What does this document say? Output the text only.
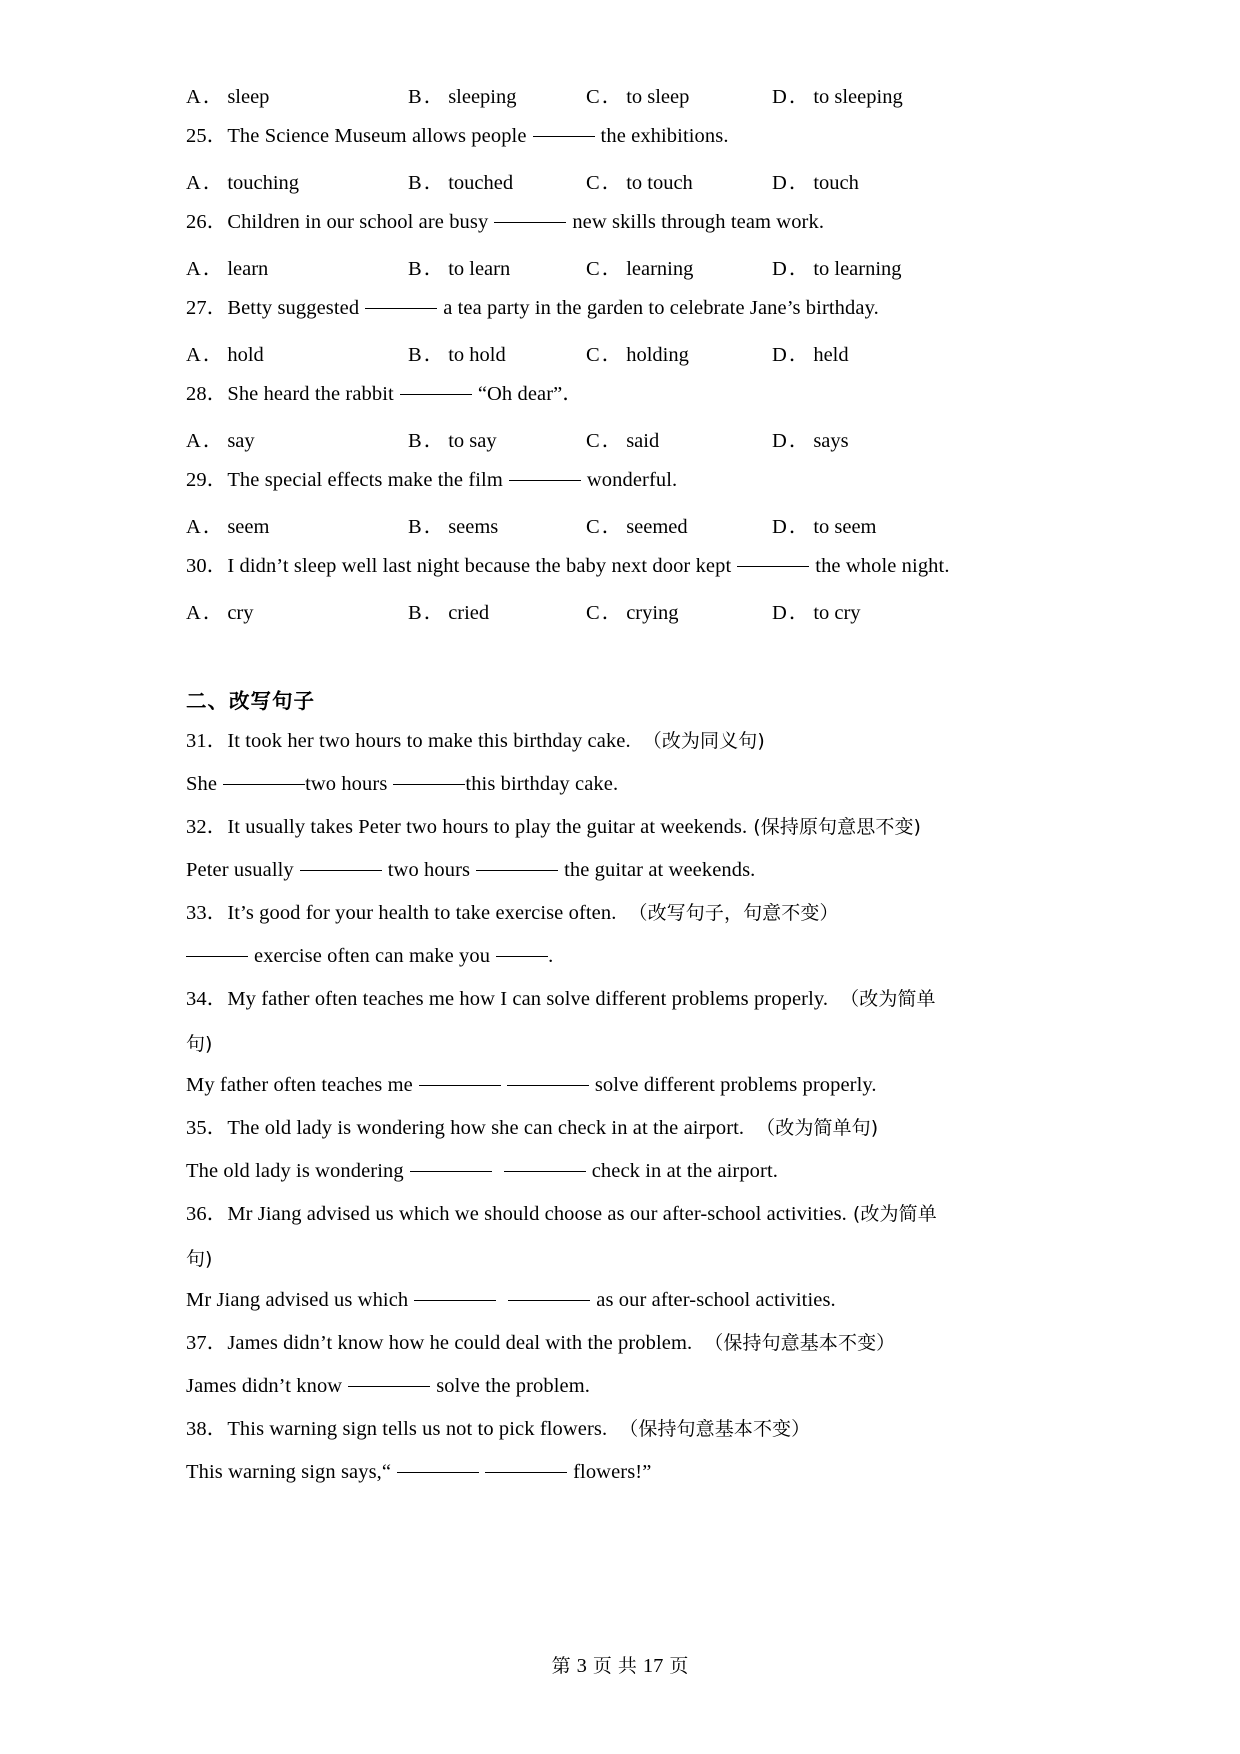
A． sleep	B． sleeping	C． to sleep	D． to sleeping
25 ． The Science Museum allows people	the exhibitions.
A． touching	B． touched	C． to touch	D． touch
26 ． Children in our school are busy	new skills through team work.
A． learn	B． to learn	C． learning	D． to learning
27 ． Betty suggested	a tea party in the garden to celebrate Jane’s birthday.
A． hold	B． to hold	C． holding	D． held
28 ． She heard the rabbit	“Oh dear”．
A． say	B． to say	C． said	D． says
29 ． The special effects make the film	wonderful.
A． seem	B． seems	C． seemed	D． to seem
30 ． I didn’t sleep well last night because the baby next door kept	the whole night.
A． cry	B． cried	C． crying	D． to cry
二、改写句子
31 ． It took her two hours to make this birthday cake. （改为同义句)
She	two hours	this birthday cake.
32 ． It usually takes Peter two hours to play the guitar at weekends. (保持原句意思不变)
Peter usually	two hours	the guitar at weekends.
33 ． It’s good for your health to take exercise often. （改写句子，句意不变）
exercise often can make you	.
34 ． My father often teaches me how I can solve different problems properly. （改为简单
句)
My father often teaches me	solve different problems properly.
35 ． The old lady is wondering how she can check in at the airport. （改为简单句)
The old lady is wondering	check in at the airport.
36 ． Mr Jiang advised us which we should choose as our after-school activities. (改为简单
句)
Mr Jiang advised us which	as our after-school activities.
37 ． James didn’t know how he could deal with the problem. （保持句意基本不变）
James didn’t know	solve the problem.
38 ． This warning sign tells us not to pick flowers. （保持句意基本不变）
This warning sign says,“	flowers!”
第 3 页 共 17 页
